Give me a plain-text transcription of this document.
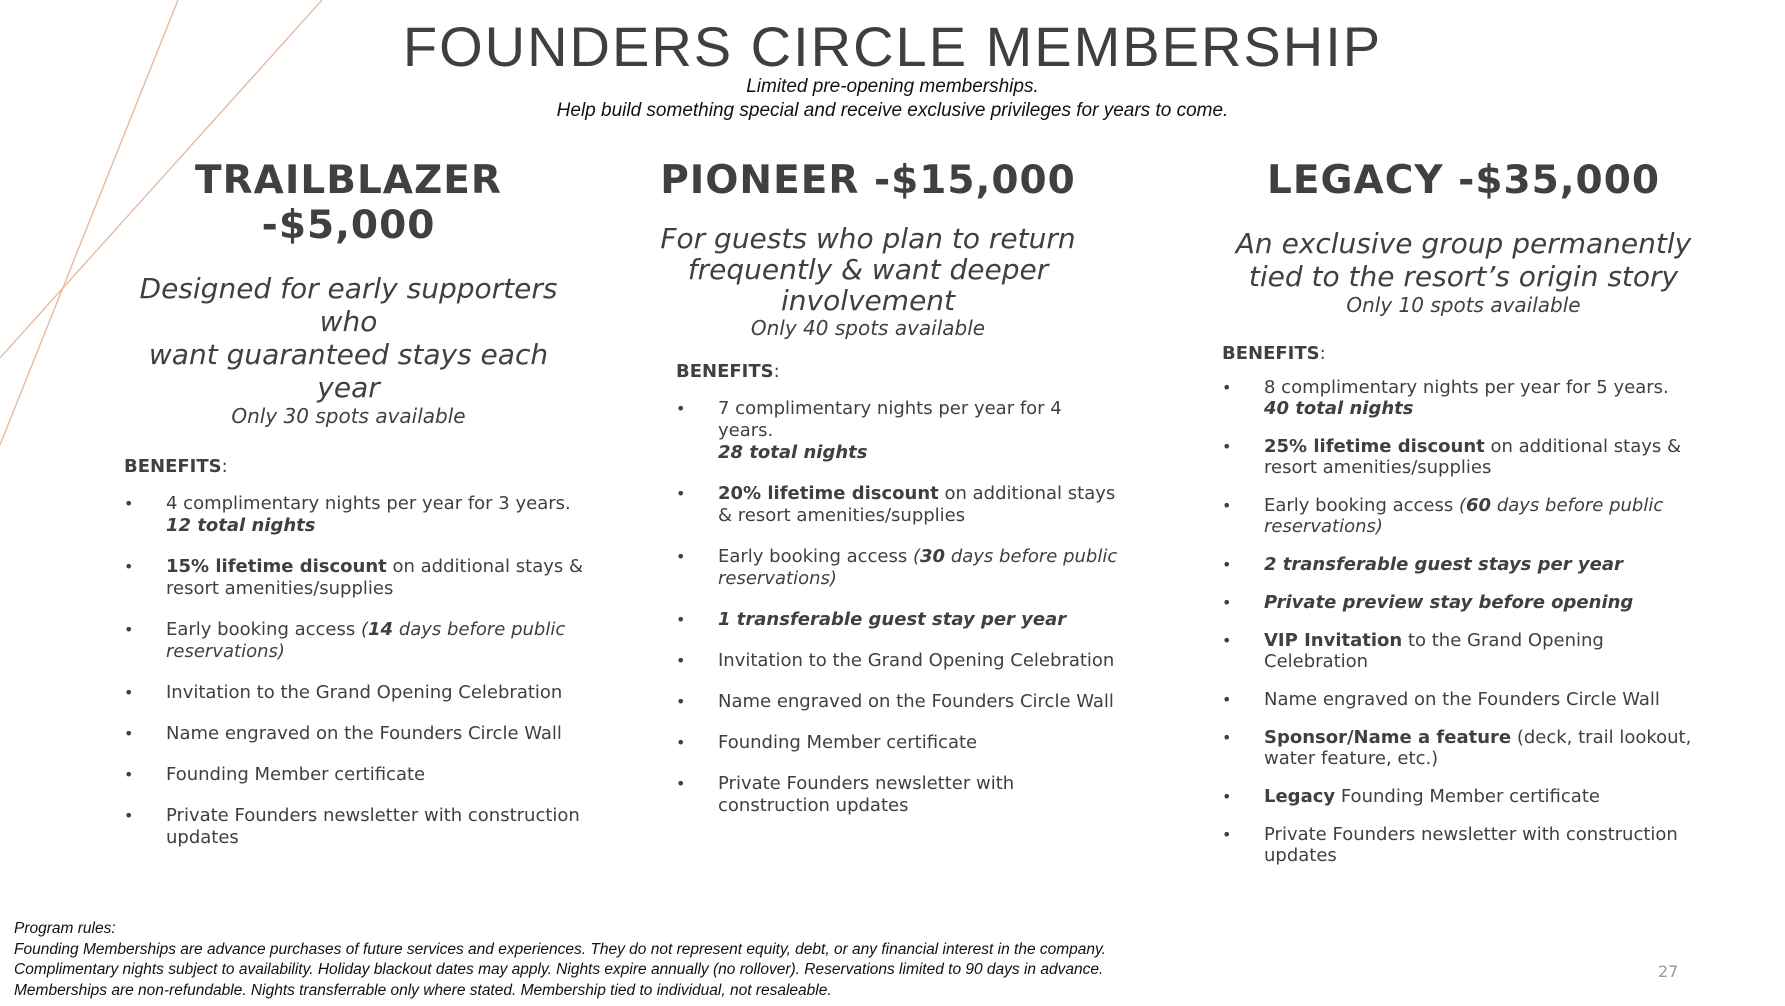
FOUNDERS CIRCLE MEMBERSHIP
Limited pre-opening memberships.
Help build something special and receive exclusive privileges for years to come.
TRAILBLAZER -$5,000
Designed for early supporters who
want guaranteed stays each year
Only 30 spots available
BENEFITS:
• 4 complimentary nights per year for 3 years.
12 total nights
• 15% lifetime discount on additional stays & resort amenities/supplies
• Early booking access (14 days before public reservations)
• Invitation to the Grand Opening Celebration
• Name engraved on the Founders Circle Wall
• Founding Member certificate
• Private Founders newsletter with construction updates
PIONEER -$15,000
For guests who plan to return
frequently & want deeper
involvement
Only 40 spots available
BENEFITS:
• 7 complimentary nights per year for 4 years.
28 total nights
• 20% lifetime discount on additional stays & resort amenities/supplies
• Early booking access (30 days before public reservations)
• 1 transferable guest stay per year
• Invitation to the Grand Opening Celebration
• Name engraved on the Founders Circle Wall
• Founding Member certificate
• Private Founders newsletter with construction updates
LEGACY -$35,000
An exclusive group permanently
tied to the resort’s origin story
Only 10 spots available
BENEFITS:
• 8 complimentary nights per year for 5 years.
40 total nights
• 25% lifetime discount on additional stays & resort amenities/supplies
• Early booking access (60 days before public reservations)
• 2 transferable guest stays per year
• Private preview stay before opening
• VIP Invitation to the Grand Opening Celebration
• Name engraved on the Founders Circle Wall
• Sponsor/Name a feature (deck, trail lookout, water feature, etc.)
• Legacy Founding Member certificate
• Private Founders newsletter with construction updates
Program rules:
Founding Memberships are advance purchases of future services and experiences. They do not represent equity, debt, or any financial interest in the company.
Complimentary nights subject to availability. Holiday blackout dates may apply. Nights expire annually (no rollover). Reservations limited to 90 days in advance.
Memberships are non-refundable. Nights transferrable only where stated. Membership tied to individual, not resaleable.
27
